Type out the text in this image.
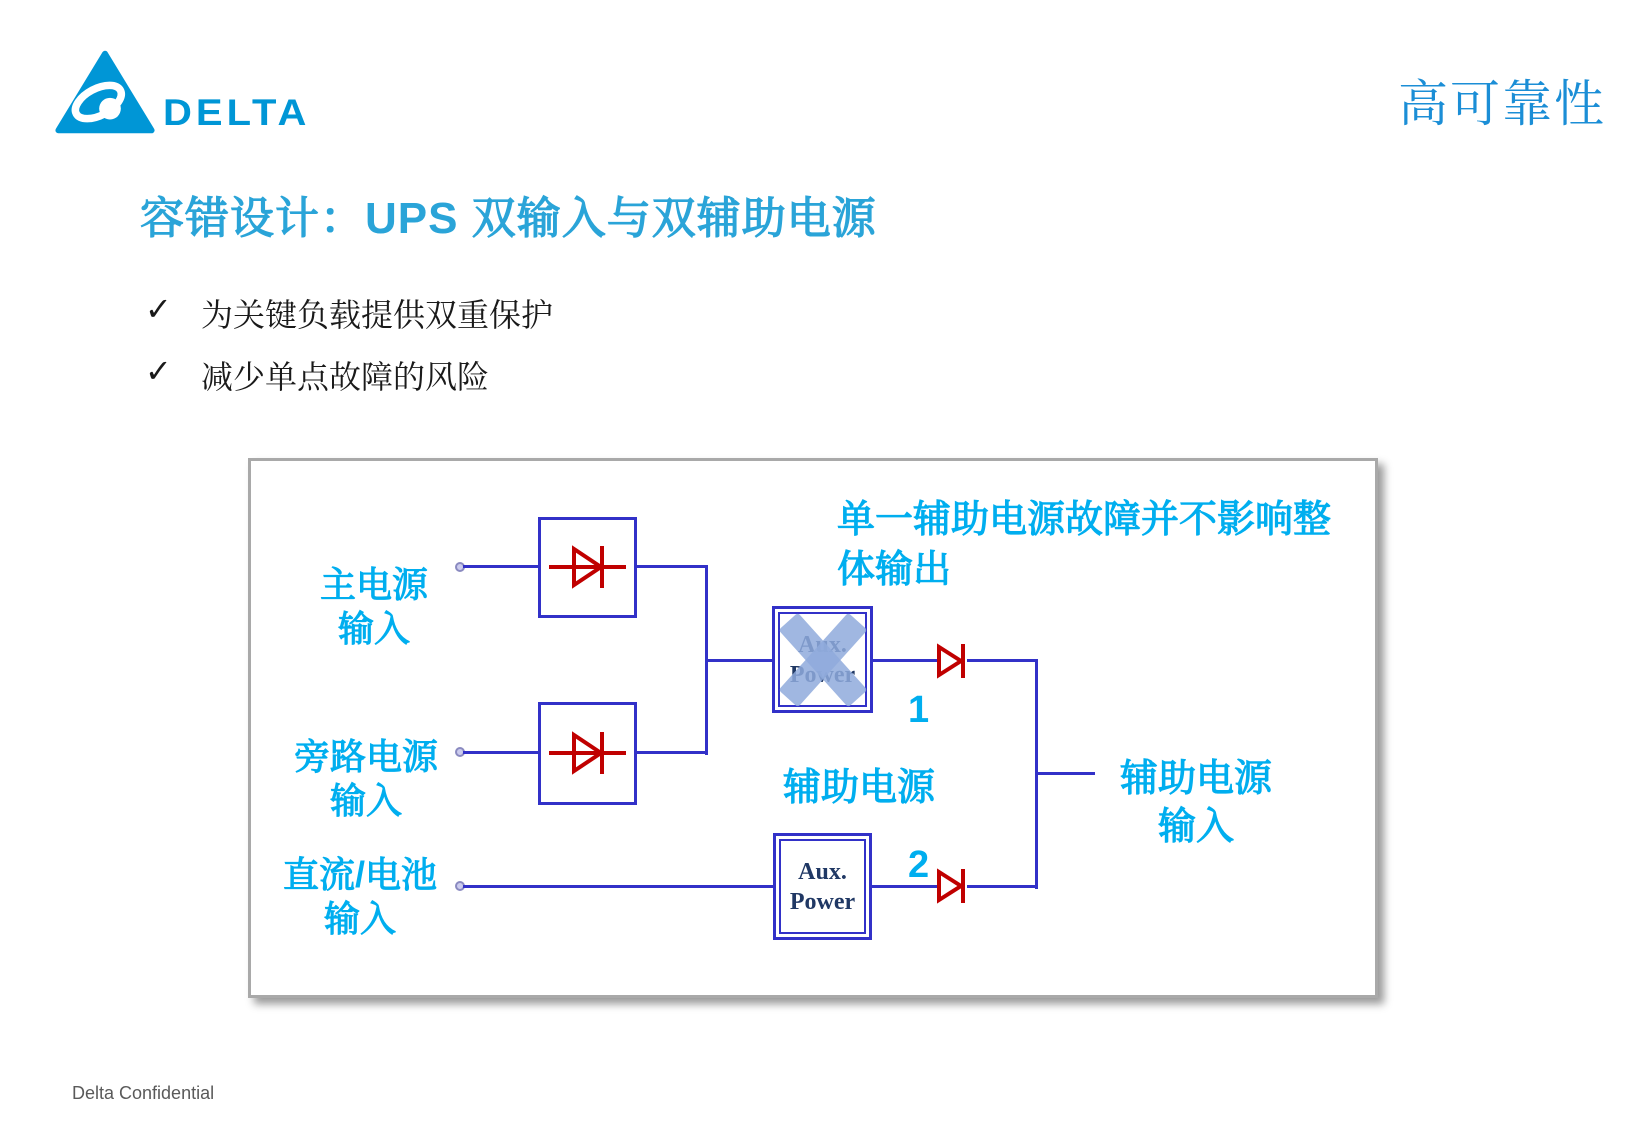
DELTA	高可靠性
容错设计：UPS 双输入与双辅助电源
✓ 为关键负载提供双重保护
✓ 减少单点故障的风险
单一辅助电源故障并不影响整
体输出
主电源
输入
旁路电源
输入
直流/电池
输入
Aux.
Power
辅助电源
1
2
辅助电源
输入
Delta Confidential
